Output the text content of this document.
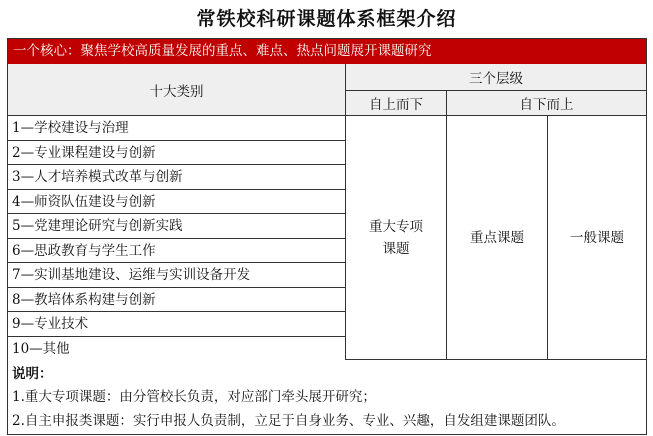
常铁校科研课题体系框架介绍
一个核心：聚焦学校高质量发展的重点、难点、热点问题展开课题研究
十大类别
三个层级
自上而下	自下而上
1—学校建设与治理
2—专业课程建设与创新
3—人才培养模式改革与创新
4—师资队伍建设与创新
5—党建理论研究与创新实践
6—思政教育与学生工作
7—实训基地建设、运维与实训设备开发
8—教培体系构建与创新
9—专业技术
10—其他
重大专项
课题
重点课题	一般课题
说明：
1.重大专项课题：由分管校长负责，对应部门牵头展开研究；
2.自主申报类课题：实行申报人负责制，立足于自身业务、专业、兴趣，自发组建课题团队。
